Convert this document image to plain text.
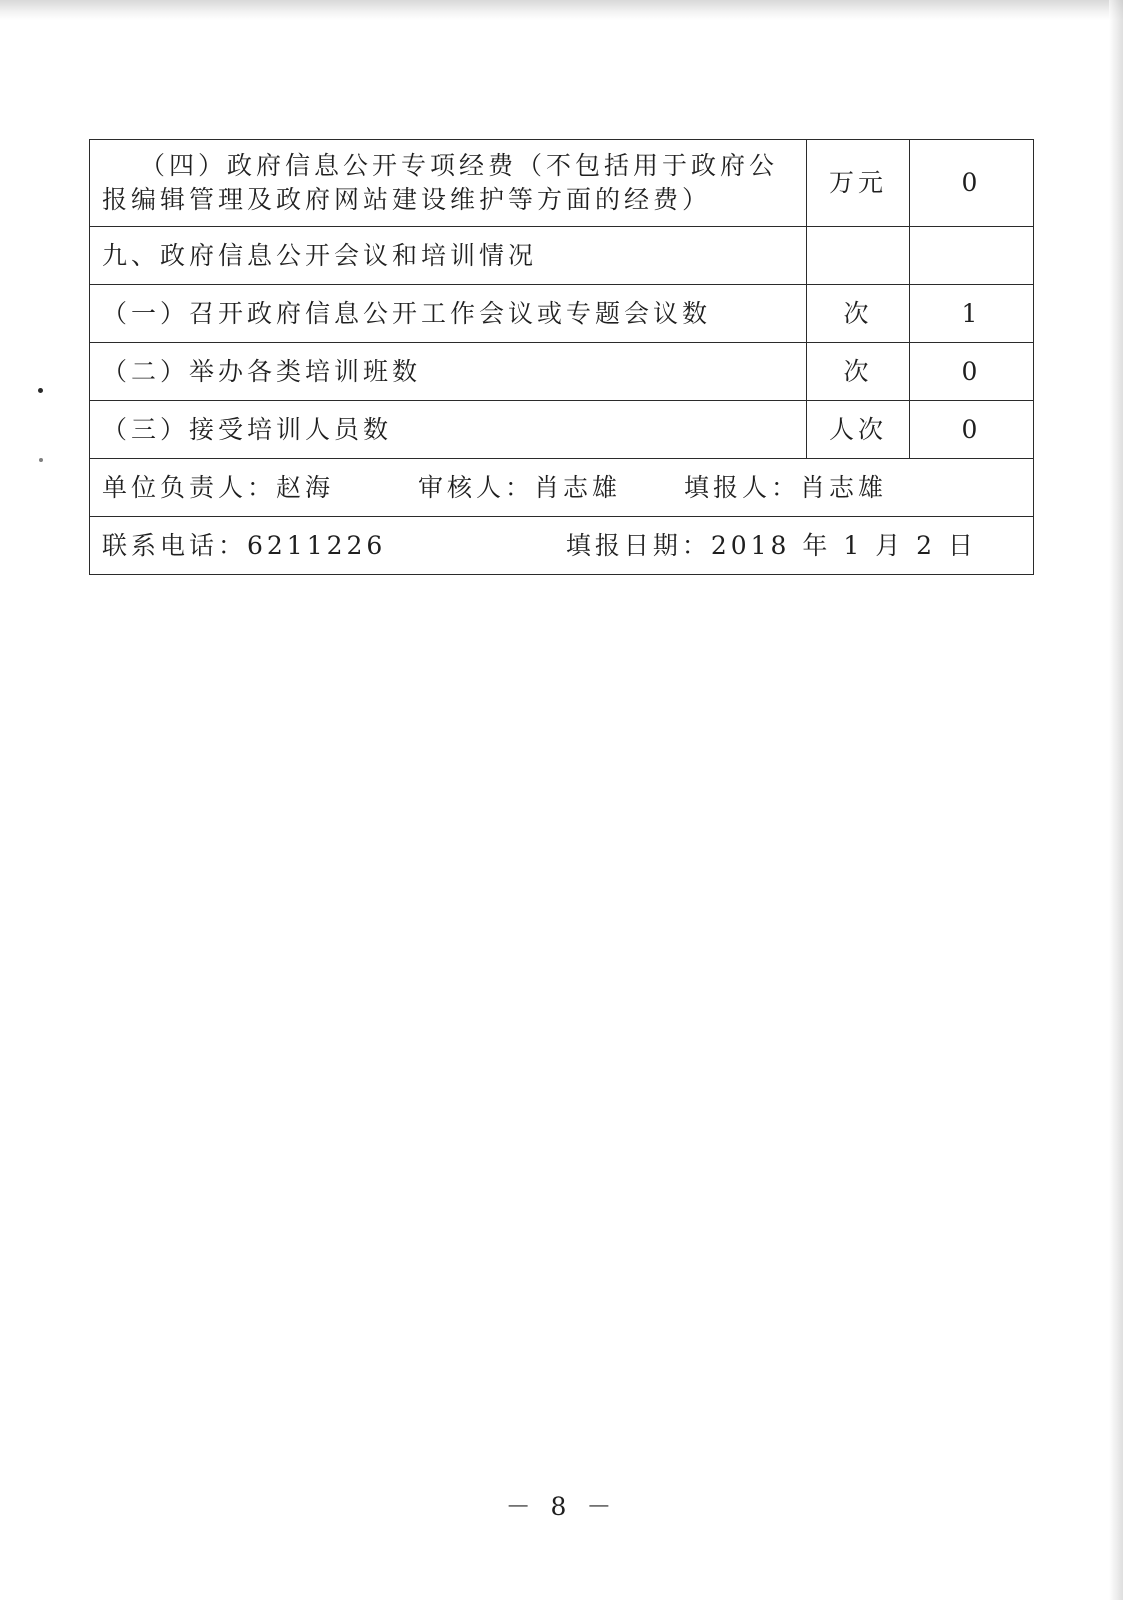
（四）政府信息公开专项经费（不包括用于政府公报编辑管理及政府网站建设维护等方面的经费）	万元	0
九、政府信息公开会议和培训情况		
（一）召开政府信息公开工作会议或专题会议数	次	1
（二）举办各类培训班数	次	0
（三）接受培训人员数	人次	0

单位负责人：赵海 审核人：肖志雄 填报人：肖志雄		

联系电话：6211226 填报日期：2018 年 1 月 2 日		
－ 8 －
